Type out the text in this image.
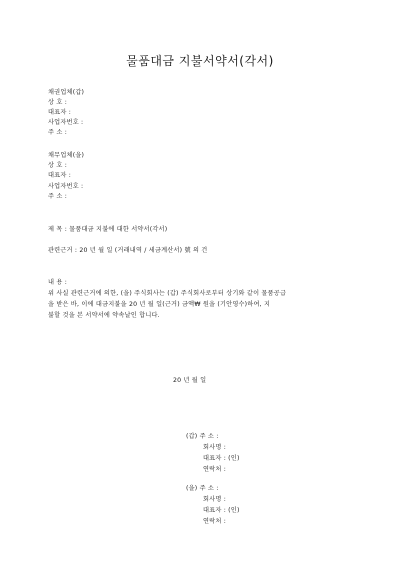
물품대금 지불서약서(각서)
채권업체(갑)
상 호 :
대표자 :
사업자번호 :
주 소 :
채무업체(을)
상 호 :
대표자 :
사업자번호 :
주 소 :
제 목 : 물품대금 지불에 대한 서약서(각서)
관련근거 : 20 년 월 일 (거래내역 / 세금계산서) 號 의 건
내 용 :
위 사실 관련근거에 의한, (을) 주식회사는 (갑) 주식회사로부터 상기와 같이 물품공급
을 받은 바, 이에 대금지불을 20 년 월 일(근거) 금액₩ 원을 (기안영수)하여, 지
불할 것을 본 서약서에 약속날인 합니다.
20 년 월 일
(갑) 주 소 :
회사명 :
대표자 : (인)
연락처 :
(을) 주 소 :
회사명 :
대표자 : (인)
연락처 :
